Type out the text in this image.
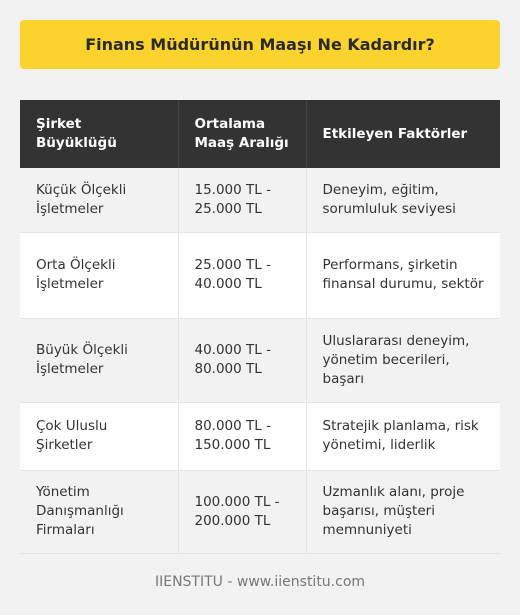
Finans Müdürünün Maaşı Ne Kadardır?
Şirket Büyüklüğü	Ortalama Maaş Aralığı	Etkileyen Faktörler
Küçük Ölçekli İşletmeler	15.000 TL - 25.000 TL	Deneyim, eğitim, sorumluluk seviyesi
Orta Ölçekli İşletmeler	25.000 TL - 40.000 TL	Performans, şirketin finansal durumu, sektör
Büyük Ölçekli İşletmeler	40.000 TL - 80.000 TL	Uluslararası deneyim, yönetim becerileri, başarı
Çok Uluslu Şirketler	80.000 TL - 150.000 TL	Stratejik planlama, risk yönetimi, liderlik
Yönetim Danışmanlığı Firmaları	100.000 TL - 200.000 TL	Uzmanlık alanı, proje başarısı, müşteri memnuniyeti
IIENSTITU - www.iienstitu.com
